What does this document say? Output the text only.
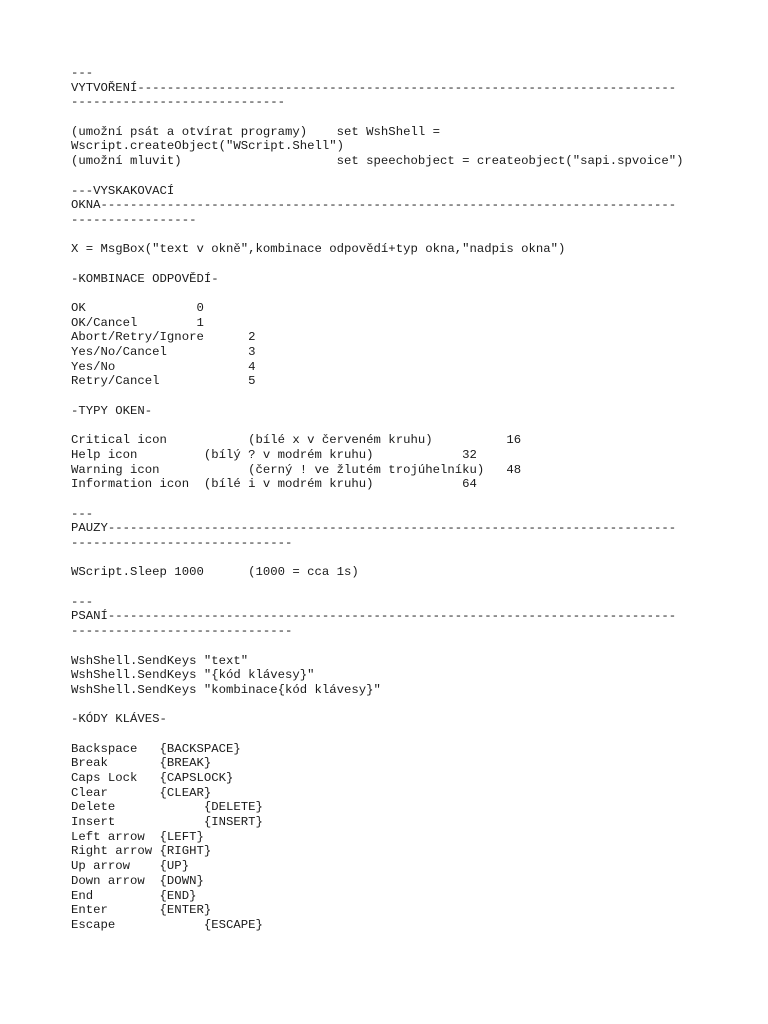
---
VYTVOŘENÍ-------------------------------------------------------------------------
-----------------------------
(umožní psát a otvírat programy)    set WshShell =
Wscript.createObject("WScript.Shell")
(umožní mluvit)                     set speechobject = createobject("sapi.spvoice")
---VYSKAKOVACÍ
OKNA------------------------------------------------------------------------------
-----------------
X = MsgBox("text v okně",kombinace odpovědí+typ okna,"nadpis okna")
-KOMBINACE ODPOVĚDÍ-
OK               0
OK/Cancel        1
Abort/Retry/Ignore      2
Yes/No/Cancel           3
Yes/No                  4
Retry/Cancel            5
-TYPY OKEN-
Critical icon           (bílé x v červeném kruhu)          16
Help icon         (bílý ? v modrém kruhu)            32
Warning icon            (černý ! ve žlutém trojúhelníku)   48
Information icon  (bílé i v modrém kruhu)            64
---
PAUZY-----------------------------------------------------------------------------
------------------------------
WScript.Sleep 1000      (1000 = cca 1s)
---
PSANÍ-----------------------------------------------------------------------------
------------------------------
WshShell.SendKeys "text"
WshShell.SendKeys "{kód klávesy}"
WshShell.SendKeys "kombinace{kód klávesy}"
-KÓDY KLÁVES-
Backspace   {BACKSPACE}
Break       {BREAK}
Caps Lock   {CAPSLOCK}
Clear       {CLEAR}
Delete            {DELETE}
Insert            {INSERT}
Left arrow  {LEFT}
Right arrow {RIGHT}
Up arrow    {UP}
Down arrow  {DOWN}
End         {END}
Enter       {ENTER}
Escape            {ESCAPE}
